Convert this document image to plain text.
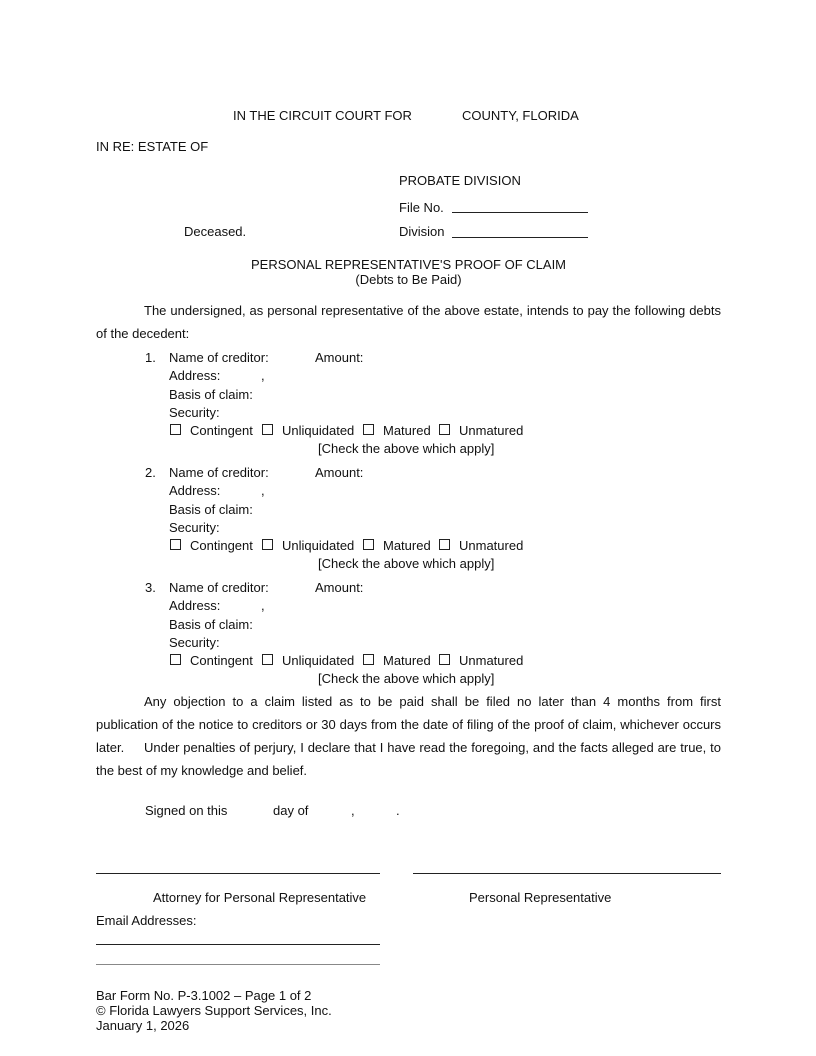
IN THE CIRCUIT COURT FOR	COUNTY, FLORIDA
IN RE: ESTATE OF
PROBATE DIVISION
File No.
Deceased.	Division
PERSONAL REPRESENTATIVE'S PROOF OF CLAIM
(Debts to Be Paid)
The undersigned, as personal representative of the above estate, intends to pay the following debts of the decedent:
1. Name of creditor:	Amount:
Address:	,
Basis of claim:
Security:
Contingent Unliquidated Matured Unmatured
[Check the above which apply]
2. Name of creditor:	Amount:
Address:	,
Basis of claim:
Security:
Contingent Unliquidated Matured Unmatured
[Check the above which apply]
3. Name of creditor:	Amount:
Address:	,
Basis of claim:
Security:
Contingent Unliquidated Matured Unmatured
[Check the above which apply]
Any objection to a claim listed as to be paid shall be filed no later than 4 months from first publication of the notice to creditors or 30 days from the date of filing of the proof of claim, whichever occurs later.	Under penalties of perjury, I declare that I have read the foregoing, and the facts alleged are true, to the best of my knowledge and belief.
Signed on this	day of	,	.
Attorney for Personal Representative	Personal Representative
Email Addresses:
Bar Form No. P-3.1002 – Page 1 of 2
© Florida Lawyers Support Services, Inc.
January 1, 2026
